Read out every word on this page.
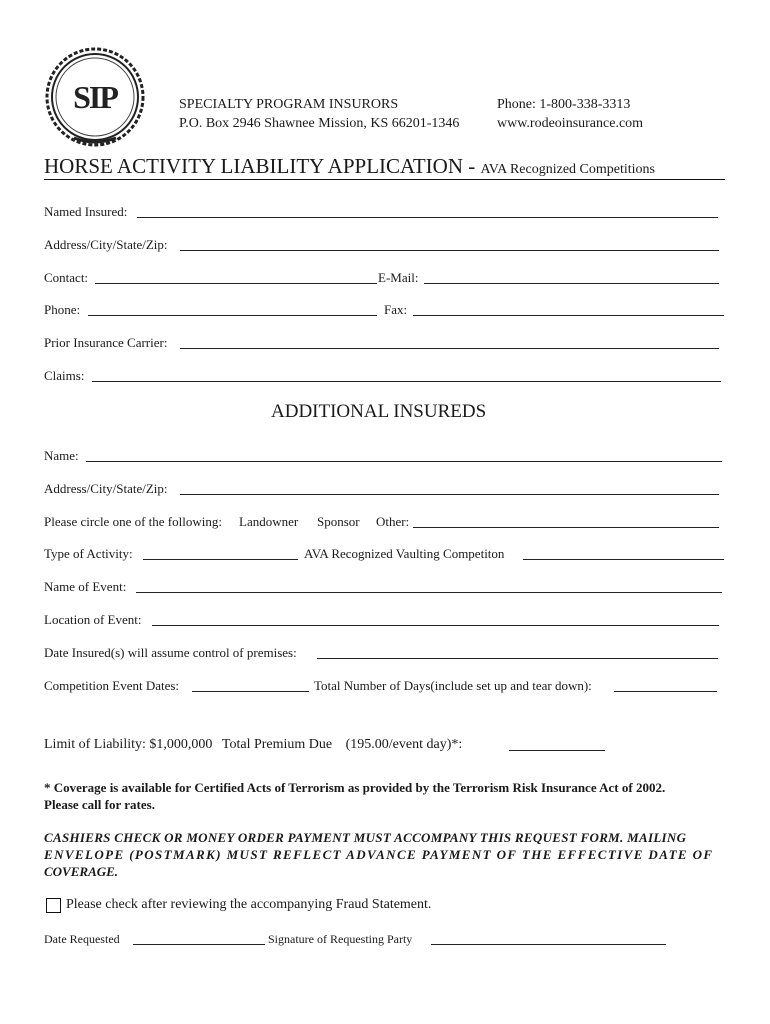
SIP	SPECIALTY PROGRAM INSURORS
P.O. Box 2946 Shawnee Mission, KS 66201-1346
Phone: 1-800-338-3313
www.rodeoinsurance.com
HORSE ACTIVITY LIABILITY APPLICATION - AVA Recognized Competitions
Named Insured:
Address/City/State/Zip:
Contact:	E-Mail:
Phone:	Fax:
Prior Insurance Carrier:
Claims:
ADDITIONAL INSUREDS
Name:
Address/City/State/Zip:
Please circle one of the following: Landowner Sponsor Other:
Type of Activity:	AVA Recognized Vaulting Competiton
Name of Event:
Location of Event:
Date Insured(s) will assume control of premises:
Competition Event Dates:	Total Number of Days(include set up and tear down):
Limit of Liability: $1,000,000 Total Premium Due (195.00/event day)*:
* Coverage is available for Certified Acts of Terrorism as provided by the Terrorism Risk Insurance Act of 2002.
Please call for rates.
CASHIERS CHECK OR MONEY ORDER PAYMENT MUST ACCOMPANY THIS REQUEST FORM. MAILING
ENVELOPE (POSTMARK) MUST REFLECT ADVANCE PAYMENT OF THE EFFECTIVE DATE OF
COVERAGE.
Please check after reviewing the accompanying Fraud Statement.
Date Requested	Signature of Requesting Party
